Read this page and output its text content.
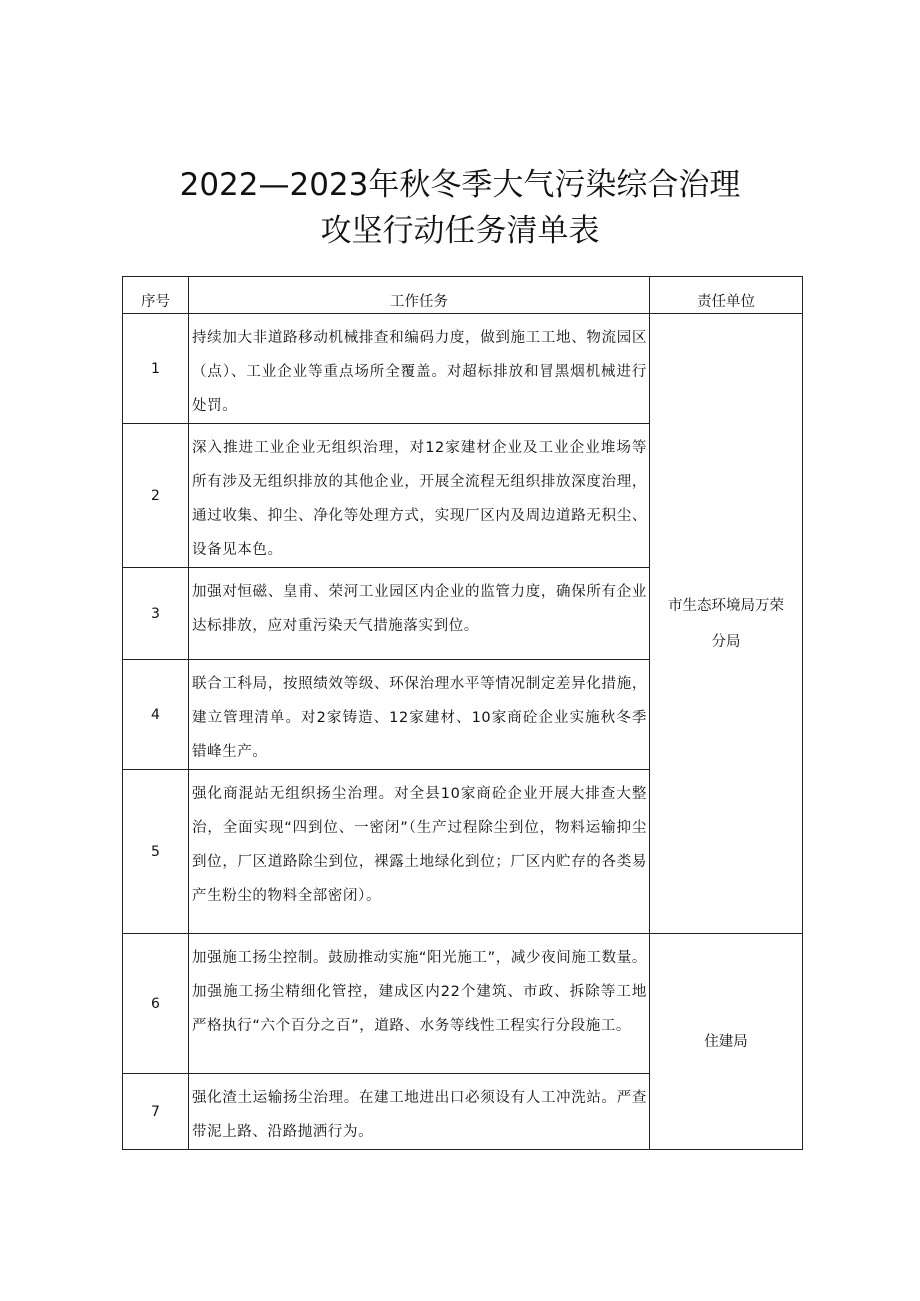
2022—2023年秋冬季大气污染综合治理
攻坚行动任务清单表
序号	工作任务	责任单位
1	持续加大非道路移动机械排查和编码力度，做到施工工地、物流园区（点）、工业企业等重点场所全覆盖。对超标排放和冒黑烟机械进行处罚。	市生态环境局万荣分局

2	深入推进工业企业无组织治理，对12家建材企业及工业企业堆场等所有涉及无组织排放的其他企业，开展全流程无组织排放深度治理，通过收集、抑尘、净化等处理方式，实现厂区内及周边道路无积尘、设备见本色。	
3	加强对恒磁、皇甫、荣河工业园区内企业的监管力度，确保所有企业达标排放，应对重污染天气措施落实到位。	
4	联合工科局，按照绩效等级、环保治理水平等情况制定差异化措施，建立管理清单。对2家铸造、12家建材、10家商砼企业实施秋冬季错峰生产。	
5	强化商混站无组织扬尘治理。对全县10家商砼企业开展大排查大整治，全面实现“四到位、一密闭”（生产过程除尘到位，物料运输抑尘到位，厂区道路除尘到位，裸露土地绿化到位；厂区内贮存的各类易产生粉尘的物料全部密闭）。	
6	加强施工扬尘控制。鼓励推动实施“阳光施工”，减少夜间施工数量。加强施工扬尘精细化管控，建成区内22个建筑、市政、拆除等工地严格执行“六个百分之百”，道路、水务等线性工程实行分段施工。	住建局
7	强化渣土运输扬尘治理。在建工地进出口必须设有人工冲洗站。严查带泥上路、沿路抛洒行为。	
